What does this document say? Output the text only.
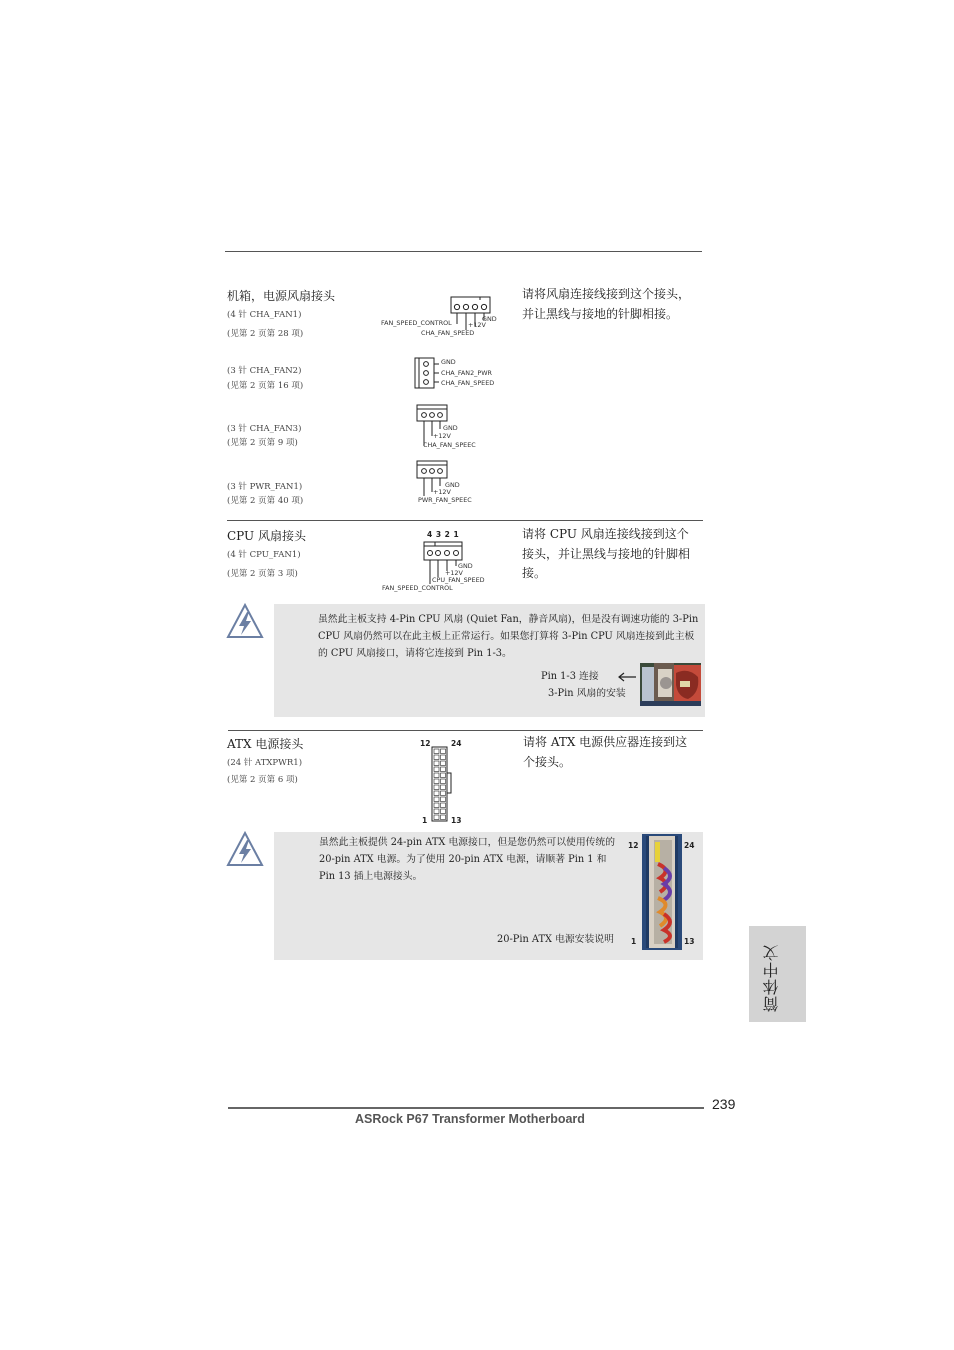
机箱，电源风扇接头
(4 针 CHA_FAN1)
(见第 2 页第 28 项)
请将风扇连接线接到这个接头，并让黑线与接地的针脚相接。
GND
+12V
FAN_SPEED_CONTROL
CHA_FAN_SPEED
(3 针 CHA_FAN2)
(见第 2 页第 16 项)
GND
CHA_FAN2_PWR
CHA_FAN_SPEED
(3 针 CHA_FAN3)
(见第 2 页第 9 项)
GND
+12V
CHA_FAN_SPEEC
(3 针 PWR_FAN1)
(见第 2 页第 40 项)
GND
+12V
PWR_FAN_SPEEC
CPU 风扇接头
(4 针 CPU_FAN1)
(见第 2 页第 3 项)
请将 CPU 风扇连接线接到这个接头，并让黑线与接地的针脚相接。
4 3 2 1
GND
+12V
CPU_FAN_SPEED
FAN_SPEED_CONTROL
虽然此主板支持 4-Pin CPU 风扇 (Quiet Fan，静音风扇)，但是没有调速功能的 3-Pin CPU 风扇仍然可以在此主板上正常运行。如果您打算将 3-Pin CPU 风扇连接到此主板的 CPU 风扇接口，请将它连接到 Pin 1-3。
Pin 1-3 连接
3-Pin 风扇的安装
ATX 电源接头
(24 针 ATXPWR1)
(见第 2 页第 6 项)
请将 ATX 电源供应器连接到这个接头。
12	24
1	13
虽然此主板提供 24-pin ATX 电源接口，但是您仍然可以使用传统的 20-pin ATX 电源。为了使用 20-pin ATX 电源，请顺著 Pin 1 和 Pin 13 插上电源接头。
20-Pin ATX 电源安装说明
12	24
1	13
简体中文
239
ASRock P67 Transformer Motherboard
